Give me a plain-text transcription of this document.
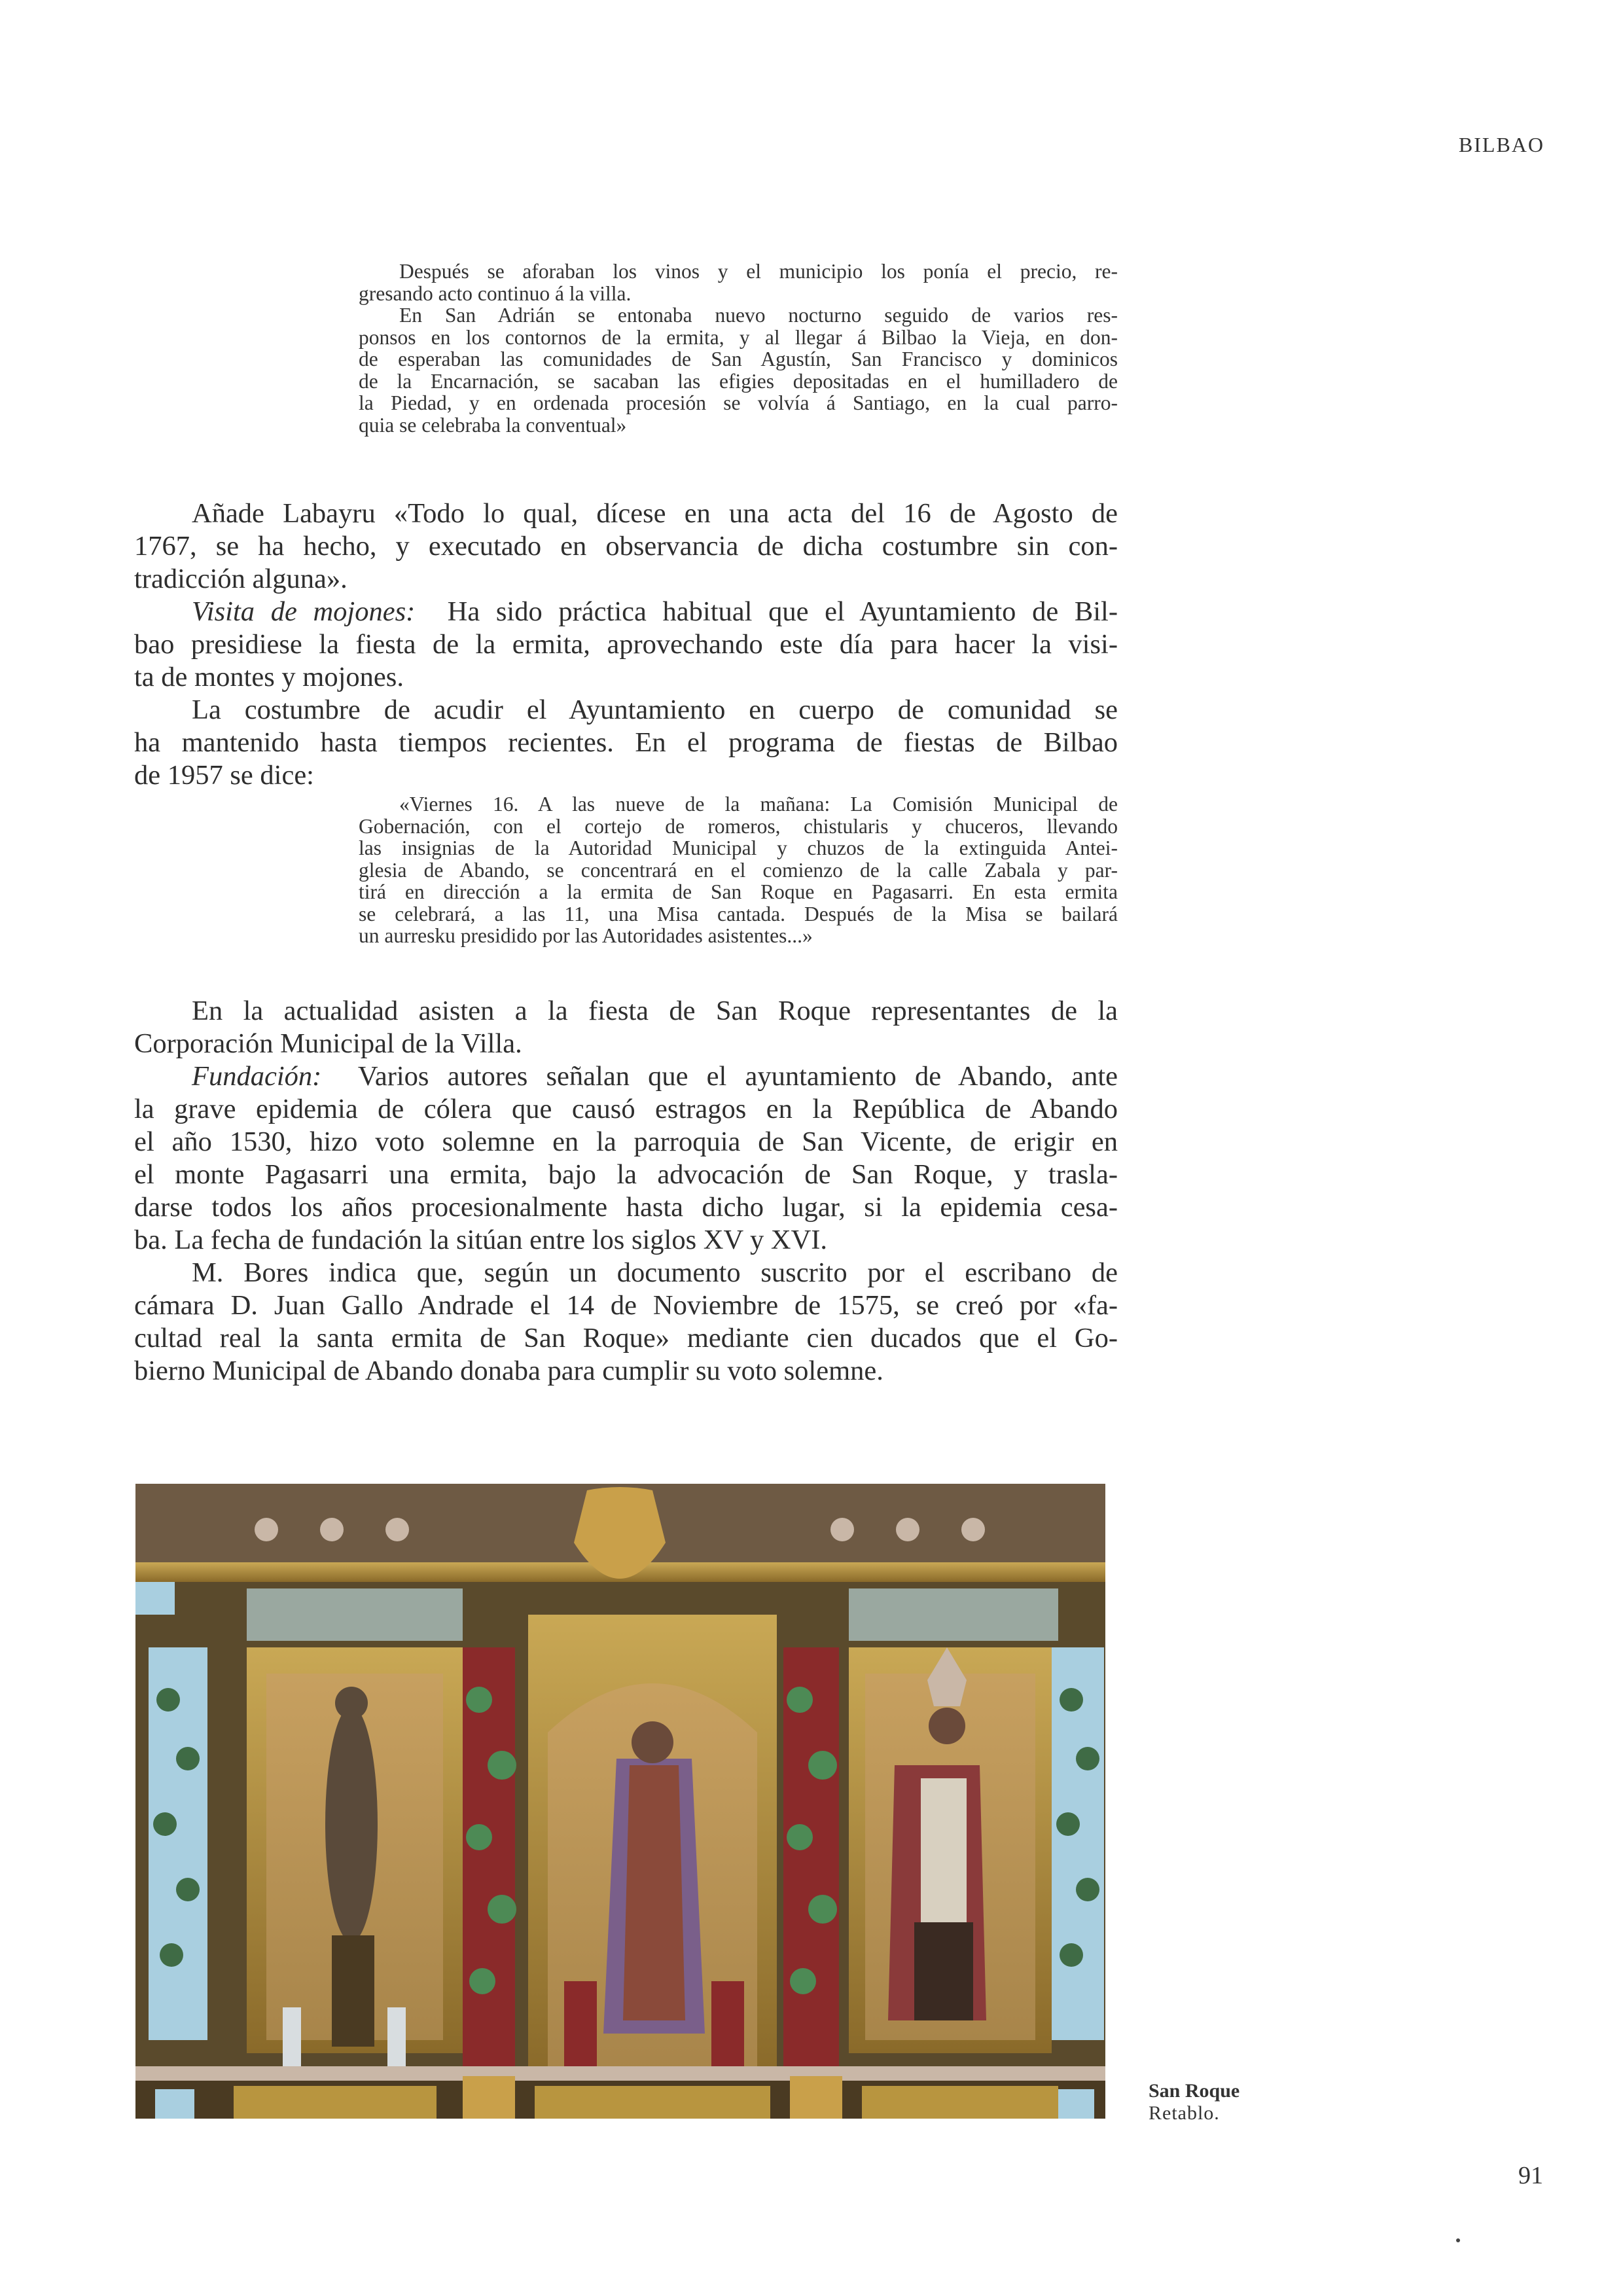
BILBAO
Después se aforaban los vinos y el municipio los ponía el precio, re-
gresando acto continuo á la villa.
En San Adrián se entonaba nuevo nocturno seguido de varios res-
ponsos en los contornos de la ermita, y al llegar á Bilbao la Vieja, en don-
de esperaban las comunidades de San Agustín, San Francisco y dominicos
de la Encarnación, se sacaban las efigies depositadas en el humilladero de
la Piedad, y en ordenada procesión se volvía á Santiago, en la cual parro-
quia se celebraba la conventual»
Añade Labayru «Todo lo qual, dícese en una acta del 16 de Agosto de
1767, se ha hecho, y executado en observancia de dicha costumbre sin con-
tradicción alguna».
Visita de mojones: Ha sido práctica habitual que el Ayuntamiento de Bil-
bao presidiese la fiesta de la ermita, aprovechando este día para hacer la visi-
ta de montes y mojones.
La costumbre de acudir el Ayuntamiento en cuerpo de comunidad se
ha mantenido hasta tiempos recientes. En el programa de fiestas de Bilbao
de 1957 se dice:
«Viernes 16. A las nueve de la mañana: La Comisión Municipal de
Gobernación, con el cortejo de romeros, chistularis y chuceros, llevando
las insignias de la Autoridad Municipal y chuzos de la extinguida Antei-
glesia de Abando, se concentrará en el comienzo de la calle Zabala y par-
tirá en dirección a la ermita de San Roque en Pagasarri. En esta ermita
se celebrará, a las 11, una Misa cantada. Después de la Misa se bailará
un aurresku presidido por las Autoridades asistentes...»
En la actualidad asisten a la fiesta de San Roque representantes de la
Corporación Municipal de la Villa.
Fundación: Varios autores señalan que el ayuntamiento de Abando, ante
la grave epidemia de cólera que causó estragos en la República de Abando
el año 1530, hizo voto solemne en la parroquia de San Vicente, de erigir en
el monte Pagasarri una ermita, bajo la advocación de San Roque, y trasla-
darse todos los años procesionalmente hasta dicho lugar, si la epidemia cesa-
ba. La fecha de fundación la sitúan entre los siglos XV y XVI.
M. Bores indica que, según un documento suscrito por el escribano de
cámara D. Juan Gallo Andrade el 14 de Noviembre de 1575, se creó por «fa-
cultad real la santa ermita de San Roque» mediante cien ducados que el Go-
bierno Municipal de Abando donaba para cumplir su voto solemne.
San Roque
Retablo.
91
